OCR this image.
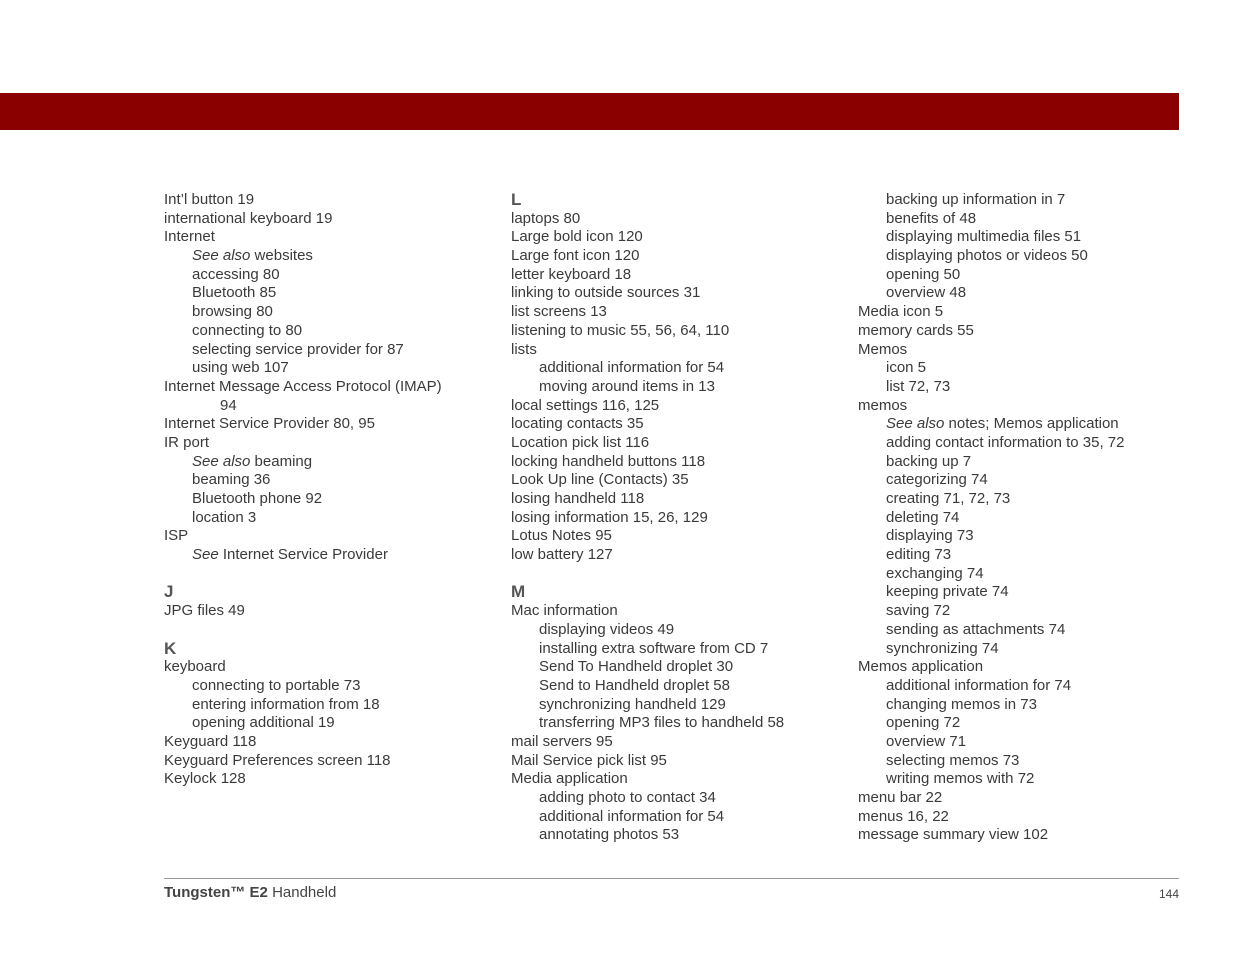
Int’l button 19
international keyboard 19
Internet
See also websites
accessing 80
Bluetooth 85
browsing 80
connecting to 80
selecting service provider for 87
using web 107
Internet Message Access Protocol (IMAP)
94
Internet Service Provider 80, 95
IR port
See also beaming
beaming 36
Bluetooth phone 92
location 3
ISP
See Internet Service Provider
J
JPG files 49
K
keyboard
connecting to portable 73
entering information from 18
opening additional 19
Keyguard 118
Keyguard Preferences screen 118
Keylock 128
L
laptops 80
Large bold icon 120
Large font icon 120
letter keyboard 18
linking to outside sources 31
list screens 13
listening to music 55, 56, 64, 110
lists
additional information for 54
moving around items in 13
local settings 116, 125
locating contacts 35
Location pick list 116
locking handheld buttons 118
Look Up line (Contacts) 35
losing handheld 118
losing information 15, 26, 129
Lotus Notes 95
low battery 127
M
Mac information
displaying videos 49
installing extra software from CD 7
Send To Handheld droplet 30
Send to Handheld droplet 58
synchronizing handheld 129
transferring MP3 files to handheld 58
mail servers 95
Mail Service pick list 95
Media application
adding photo to contact 34
additional information for 54
annotating photos 53
backing up information in 7
benefits of 48
displaying multimedia files 51
displaying photos or videos 50
opening 50
overview 48
Media icon 5
memory cards 55
Memos
icon 5
list 72, 73
memos
See also notes; Memos application
adding contact information to 35, 72
backing up 7
categorizing 74
creating 71, 72, 73
deleting 74
displaying 73
editing 73
exchanging 74
keeping private 74
saving 72
sending as attachments 74
synchronizing 74
Memos application
additional information for 74
changing memos in 73
opening 72
overview 71
selecting memos 73
writing memos with 72
menu bar 22
menus 16, 22
message summary view 102
Tungsten™ E2 Handheld	144
